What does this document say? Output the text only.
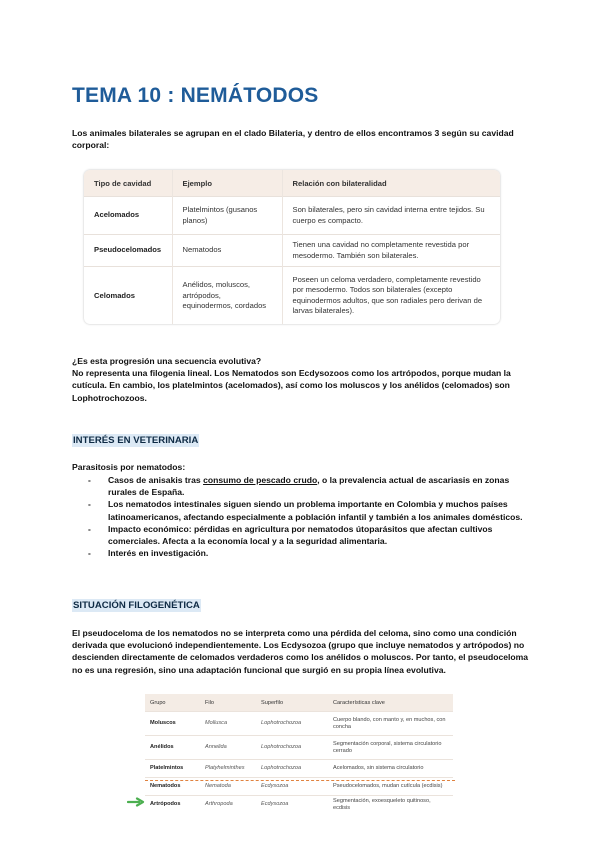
TEMA 10 : NEMÁTODOS
Los animales bilaterales se agrupan en el clado Bilateria, y dentro de ellos encontramos 3 según su cavidad corporal:
Tipo de cavidad	Ejemplo	Relación con bilateralidad
Acelomados	Platelmintos (gusanos planos)	Son bilaterales, pero sin cavidad interna entre tejidos. Su cuerpo es compacto.
Pseudocelomados	Nematodos	Tienen una cavidad no completamente revestida por mesodermo. También son bilaterales.
Celomados	Anélidos, moluscos, artrópodos, equinodermos, cordados	Poseen un celoma verdadero, completamente revestido por mesodermo. Todos son bilaterales (excepto equinodermos adultos, que son radiales pero derivan de larvas bilaterales).
¿Es esta progresión una secuencia evolutiva?
No representa una filogenia lineal. Los Nematodos son Ecdysozoos como los artrópodos, porque mudan la cutícula. En cambio, los platelmintos (acelomados), así como los moluscos y los anélidos (celomados) son Lophotrochozoos.
INTERÉS EN VETERINARIA
Parasitosis por nematodos:
- Casos de anisakis tras consumo de pescado crudo, o la prevalencia actual de ascariasis en zonas rurales de España.
- Los nematodos intestinales siguen siendo un problema importante en Colombia y muchos países latinoamericanos, afectando especialmente a población infantil y también a los animales domésticos.
- Impacto económico: pérdidas en agricultura por nematodos útoparásitos que afectan cultivos comerciales. Afecta a la economía local y a la seguridad alimentaria.
- Interés en investigación.
SITUACIÓN FILOGENÉTICA
El pseudoceloma de los nematodos no se interpreta como una pérdida del celoma, sino como una condición derivada que evolucionó independientemente. Los Ecdysozoa (grupo que incluye nematodos y artrópodos) no descienden directamente de celomados verdaderos como los anélidos o moluscos. Por tanto, el pseudoceloma no es una regresión, sino una adaptación funcional que surgió en su propia línea evolutiva.
Grupo	Filo	Superfilo	Características clave
Moluscos	Mollusca	Lophotrochozoa	Cuerpo blando, con manto y, en muchos, con concha
Anélidos	Annelida	Lophotrochozoa	Segmentación corporal, sistema circulatorio cerrado
Platelmintos	Platyhelminthes	Lophotrochozoa	Acelomados, sin sistema circulatorio
Nematodos	Nematoda	Ecdysozoa	Pseudocelomados, mudan cutícula (ecdisis)
Artrópodos	Arthropoda	Ecdysozoa	Segmentación, exoesqueleto quitinoso, ecdisis
